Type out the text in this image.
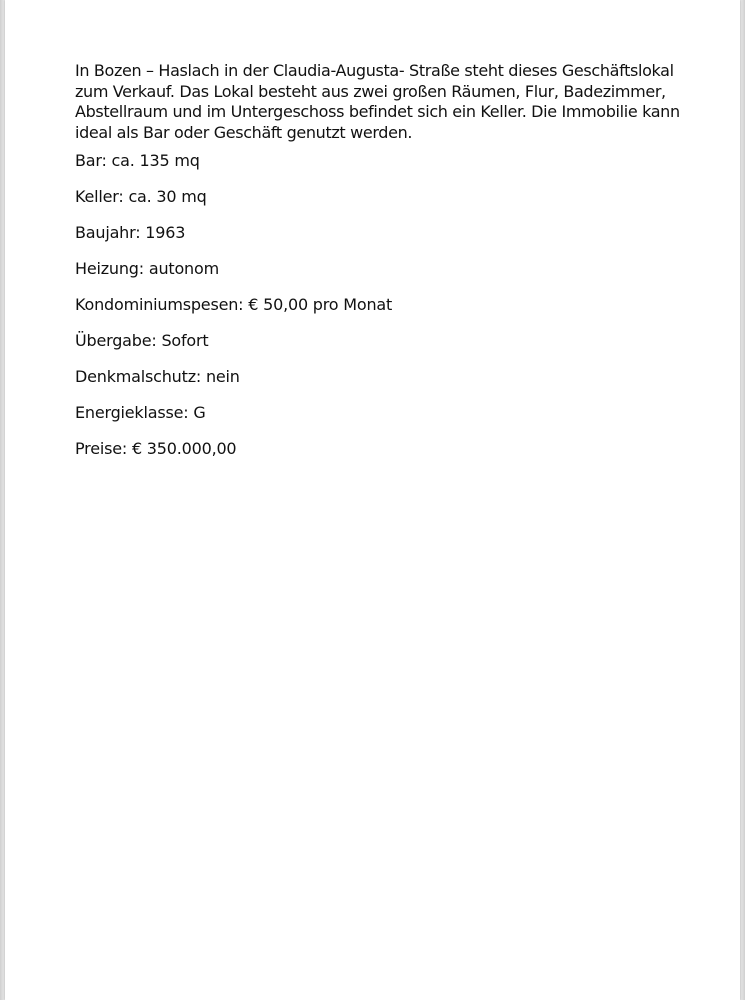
In Bozen – Haslach in der Claudia-Augusta- Straße steht dieses Geschäftslokal zum Verkauf. Das Lokal besteht aus zwei großen Räumen, Flur, Badezimmer, Abstellraum und im Untergeschoss befindet sich ein Keller. Die Immobilie kann ideal als Bar oder Geschäft genutzt werden.

Bar: ca. 135 mq

Keller: ca. 30 mq

Baujahr: 1963

Heizung: autonom

Kondominiumspesen: € 50,00 pro Monat

Übergabe: Sofort

Denkmalschutz: nein

Energieklasse: G

Preise: € 350.000,00
